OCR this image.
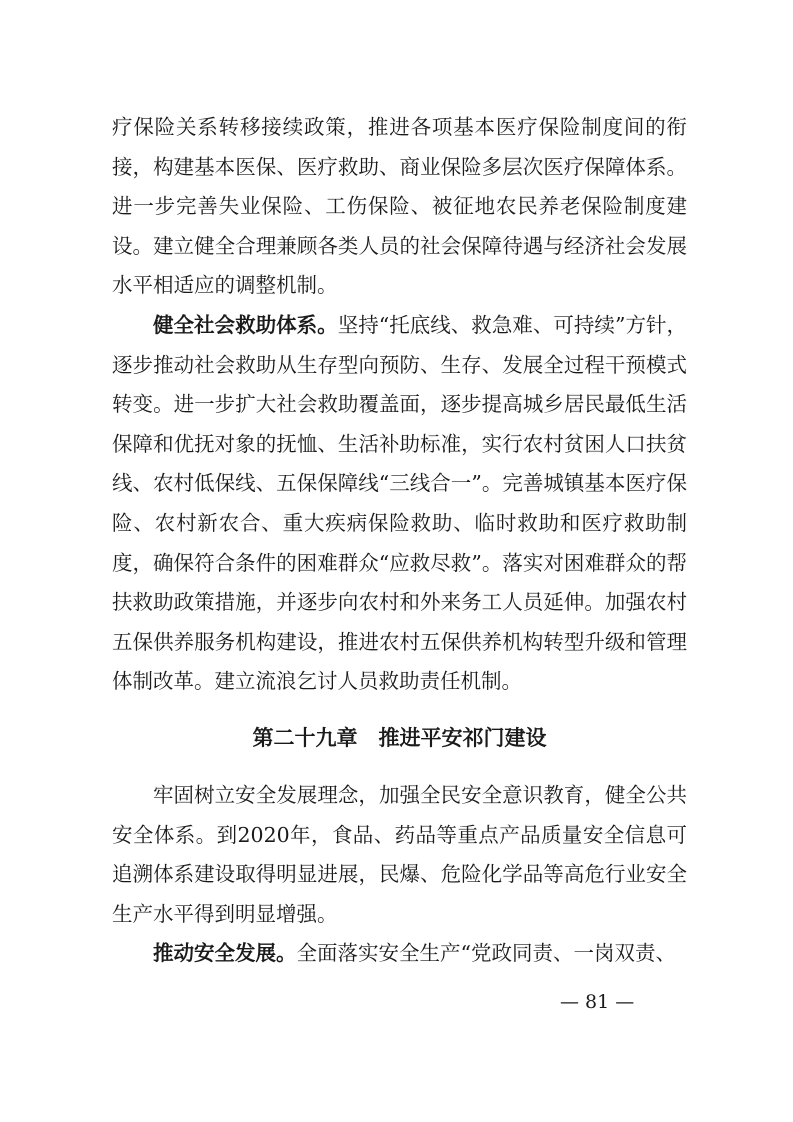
疗保险关系转移接续政策，推进各项基本医疗保险制度间的衔接，构建基本医保、医疗救助、商业保险多层次医疗保障体系。进一步完善失业保险、工伤保险、被征地农民养老保险制度建设。建立健全合理兼顾各类人员的社会保障待遇与经济社会发展水平相适应的调整机制。

健全社会救助体系。坚持“托底线、救急难、可持续”方针，逐步推动社会救助从生存型向预防、生存、发展全过程干预模式转变。进一步扩大社会救助覆盖面，逐步提高城乡居民最低生活保障和优抚对象的抚恤、生活补助标准，实行农村贫困人口扶贫线、农村低保线、五保保障线“三线合一”。完善城镇基本医疗保险、农村新农合、重大疾病保险救助、临时救助和医疗救助制度，确保符合条件的困难群众“应救尽救”。落实对困难群众的帮扶救助政策措施，并逐步向农村和外来务工人员延伸。加强农村五保供养服务机构建设，推进农村五保供养机构转型升级和管理体制改革。建立流浪乞讨人员救助责任机制。

第二十九章　推进平安祁门建设

牢固树立安全发展理念，加强全民安全意识教育，健全公共安全体系。到2020年，食品、药品等重点产品质量安全信息可追溯体系建设取得明显进展，民爆、危险化学品等高危行业安全生产水平得到明显增强。

推动安全发展。全面落实安全生产“党政同责、一岗双责、

— 81 —
